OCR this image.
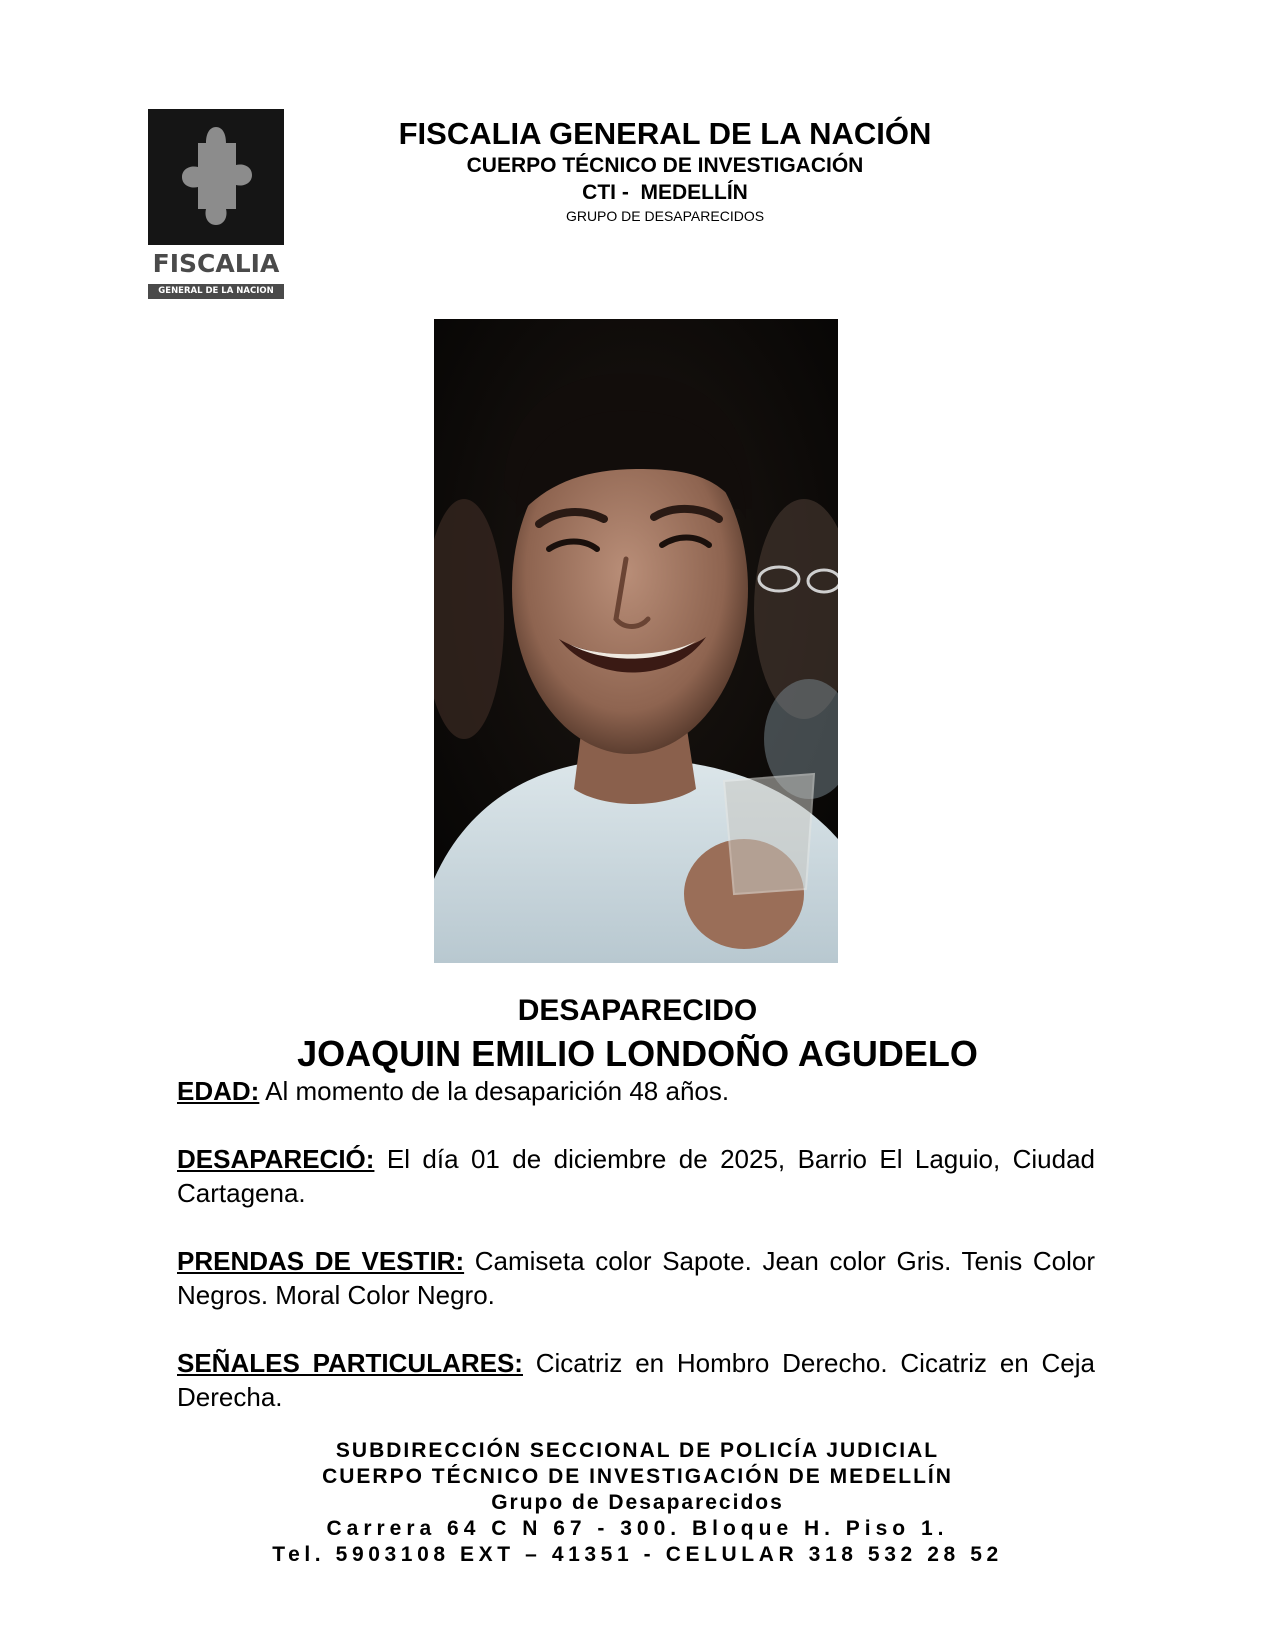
FISCALIA
GENERAL DE LA NACION
FISCALIA GENERAL DE LA NACIÓN
CUERPO TÉCNICO DE INVESTIGACIÓN
CTI -  MEDELLÍN
GRUPO DE DESAPARECIDOS
DESAPARECIDO
JOAQUIN EMILIO LONDOÑO AGUDELO

EDAD: Al momento de la desaparición 48 años.

DESAPARECIÓ: El día 01 de diciembre de 2025, Barrio El Laguio, Ciudad Cartagena.

PRENDAS DE VESTIR: Camiseta color Sapote. Jean color Gris. Tenis Color Negros. Moral Color Negro.

SEÑALES PARTICULARES: Cicatriz en Hombro Derecho. Cicatriz en Ceja Derecha.

SUBDIRECCIÓN SECCIONAL DE POLICÍA JUDICIAL
CUERPO TÉCNICO DE INVESTIGACIÓN DE MEDELLÍN
Grupo de Desaparecidos
Carrera 64 C N 67 - 300. Bloque H. Piso 1.
Tel. 5903108 EXT – 41351 - CELULAR 318 532 28 52
